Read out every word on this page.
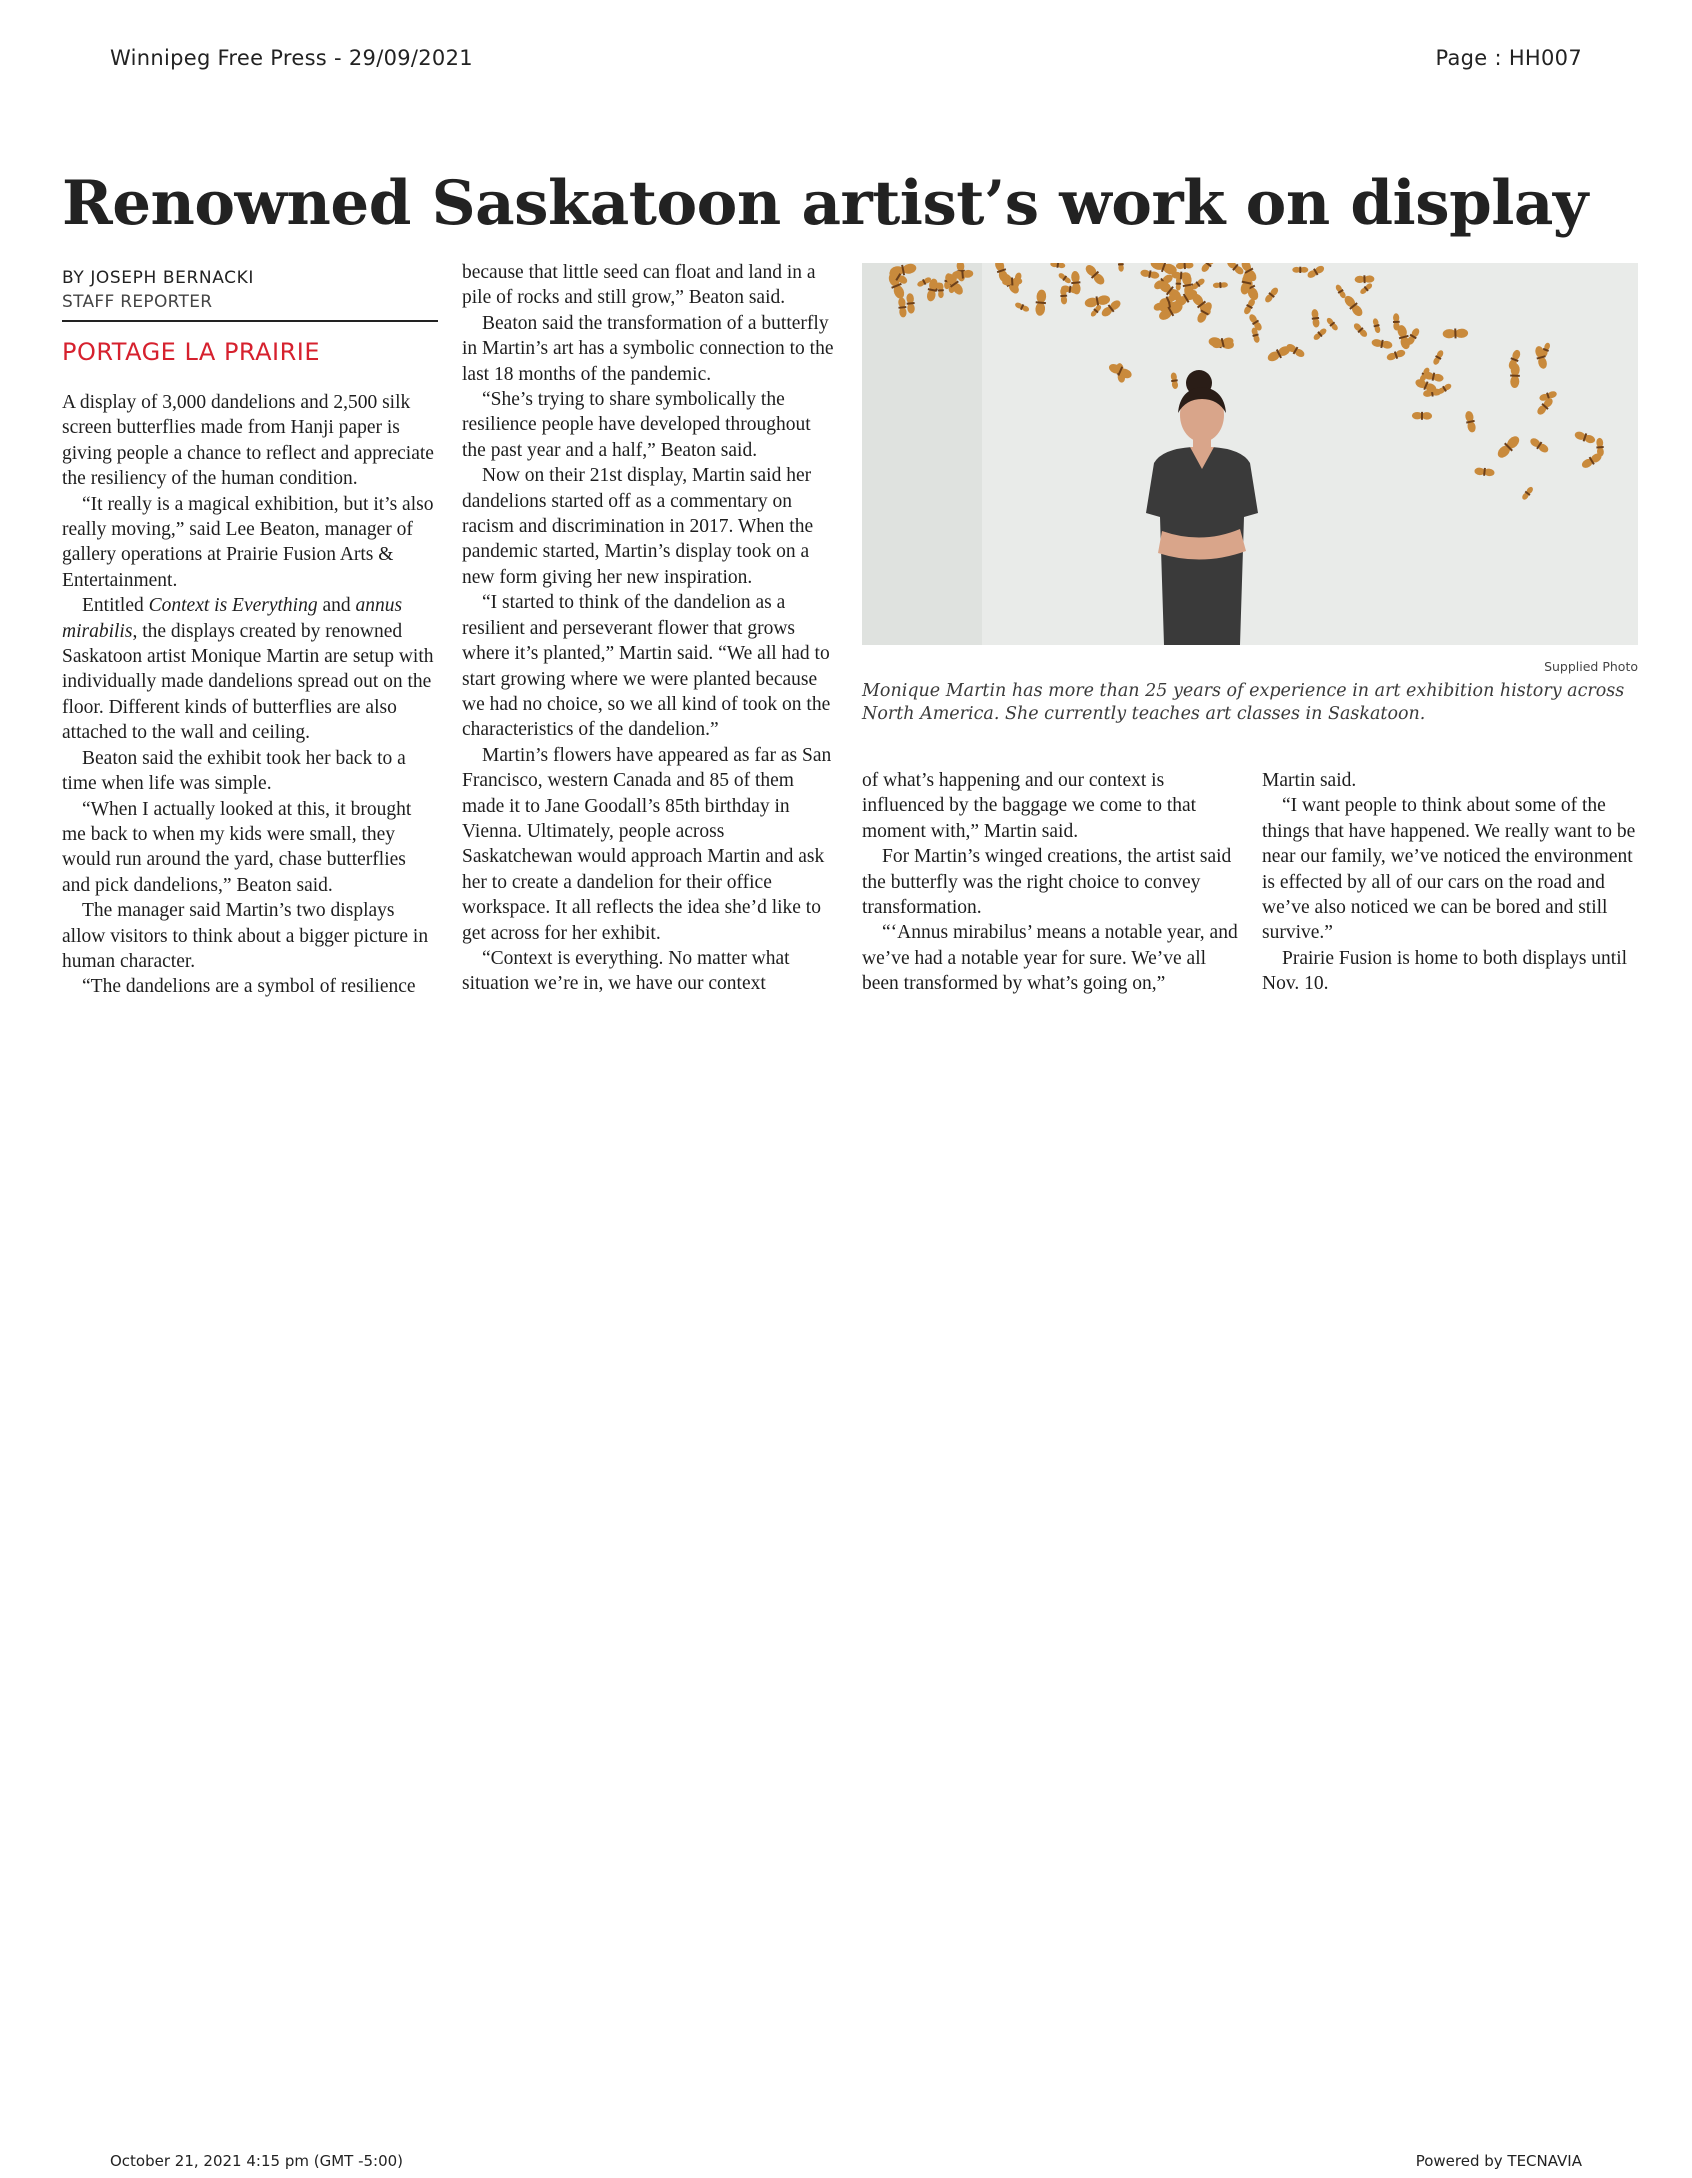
Winnipeg Free Press - 29/09/2021	Page : HH007
Renowned Saskatoon artist’s work on display
BY JOSEPH BERNACKI
STAFF REPORTER
PORTAGE LA PRAIRIE

A display of 3,000 dandelions and 2,500 silk screen butterflies made from Hanji paper is giving people a chance to reflect and appreciate the resiliency of the human condition.

“It really is a magical exhibition, but it’s also really moving,” said Lee Beaton, manager of gallery operations at Prairie Fusion Arts & Entertainment.

Entitled Context is Everything and annus mirabilis, the displays created by renowned Saskatoon artist Monique Martin are setup with individually made dandelions spread out on the floor. Different kinds of butterflies are also attached to the wall and ceiling.

Beaton said the exhibit took her back to a time when life was simple.

“When I actually looked at this, it brought me back to when my kids were small, they would run around the yard, chase butterflies and pick dandelions,” Beaton said.

The manager said Martin’s two displays allow visitors to think about a bigger picture in human character.

“The dandelions are a symbol of resilience

because that little seed can float and land in a pile of rocks and still grow,” Beaton said.

Beaton said the transformation of a butterfly in Martin’s art has a symbolic connection to the last 18 months of the pandemic.

“She’s trying to share symbolically the resilience people have developed throughout the past year and a half,” Beaton said.

Now on their 21st display, Martin said her dandelions started off as a commentary on racism and discrimination in 2017. When the pandemic started, Martin’s display took on a new form giving her new inspiration.

“I started to think of the dandelion as a resilient and perseverant flower that grows where it’s planted,” Martin said. “We all had to start growing where we were planted because we had no choice, so we all kind of took on the characteristics of the dandelion.”

Martin’s flowers have appeared as far as San Francisco, western Canada and 85 of them made it to Jane Goodall’s 85th birthday in Vienna. Ultimately, people across Saskatchewan would approach Martin and ask her to create a dandelion for their office workspace. It all reflects the idea she’d like to get across for her exhibit.

“Context is everything. No matter what situation we’re in, we have our context

Supplied Photo
Monique Martin has more than 25 years of experience in art exhibition history across North America. She currently teaches art classes in Saskatoon.

of what’s happening and our context is influenced by the baggage we come to that moment with,” Martin said.

For Martin’s winged creations, the artist said the butterfly was the right choice to convey transformation.

“‘Annus mirabilus’ means a notable year, and we’ve had a notable year for sure. We’ve all been transformed by what’s going on,”

Martin said.

“I want people to think about some of the things that have happened. We really want to be near our family, we’ve noticed the environment is effected by all of our cars on the road and we’ve also noticed we can be bored and still survive.”

Prairie Fusion is home to both displays until Nov. 10.

October 21, 2021 4:15 pm (GMT -5:00)	Powered by TECNAVIA
